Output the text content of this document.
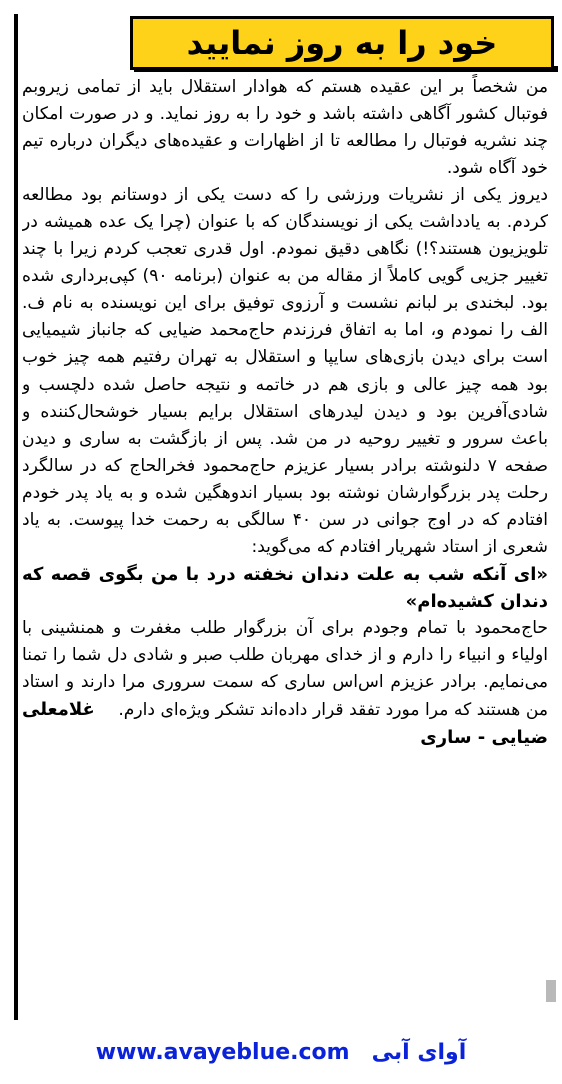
خود را به روز نمایید

من شخصاً بر این عقیده هستم که هوادار استقلال باید از تمامی زیروبم فوتبال کشور آگاهی داشته باشد و خود را به روز نماید. و در صورت امکان چند نشریه فوتبال را مطالعه تا از اظهارات و عقیده‌های دیگران درباره تیم خود آگاه شود.

دیروز یکی از نشریات ورزشی را که دست یکی از دوستانم بود مطالعه کردم. به یادداشت یکی از نویسندگان که با عنوان (چرا یک عده همیشه در تلویزیون هستند؟!) نگاهی دقیق نمودم. اول قدری تعجب کردم زیرا با چند تغییر جزیی گویی کاملاً از مقاله من به عنوان (برنامه ۹۰) کپی‌برداری شده بود. لبخندی بر لبانم نشست و آرزوی توفیق برای این نویسنده به نام ف. الف را نمودم و، اما به اتفاق فرزندم حاج‌محمد ضیایی که جانباز شیمیایی است برای دیدن بازی‌های سایپا و استقلال به تهران رفتیم همه چیز خوب بود همه چیز عالی و بازی هم در خاتمه و نتیجه حاصل شده دلچسب و شادی‌آفرین بود و دیدن لیدرهای استقلال برایم بسیار خوشحال‌کننده و باعث سرور و تغییر روحیه در من شد. پس از بازگشت به ساری و دیدن صفحه ۷ دلنوشته برادر بسیار عزیزم حاج‌محمود فخرالحاج که در سالگرد رحلت پدر بزرگوارشان نوشته بود بسیار اندوهگین شده و به یاد پدر خودم افتادم که در اوج جوانی در سن ۴۰ سالگی به رحمت خدا پیوست. به یاد شعری از استاد شهریار افتادم که می‌گوید:

«ای آنکه شب به علت دندان نخفته درد با من بگوی قصه که دندان کشیده‌ام»

حاج‌محمود با تمام وجودم برای آن بزرگوار طلب مغفرت و همنشینی با اولیاء و انبیاء را دارم و از خدای مهربان طلب صبر و شادی دل شما را تمنا می‌نمایم. برادر عزیزم اس‌اس ساری که سمت سروری مرا دارند و استاد من هستند که مرا مورد تفقد قرار داده‌اند تشکر ویژه‌ای دارم. غلامعلی ضیایی - ساری

www.avayeblue.com آوای آبی
